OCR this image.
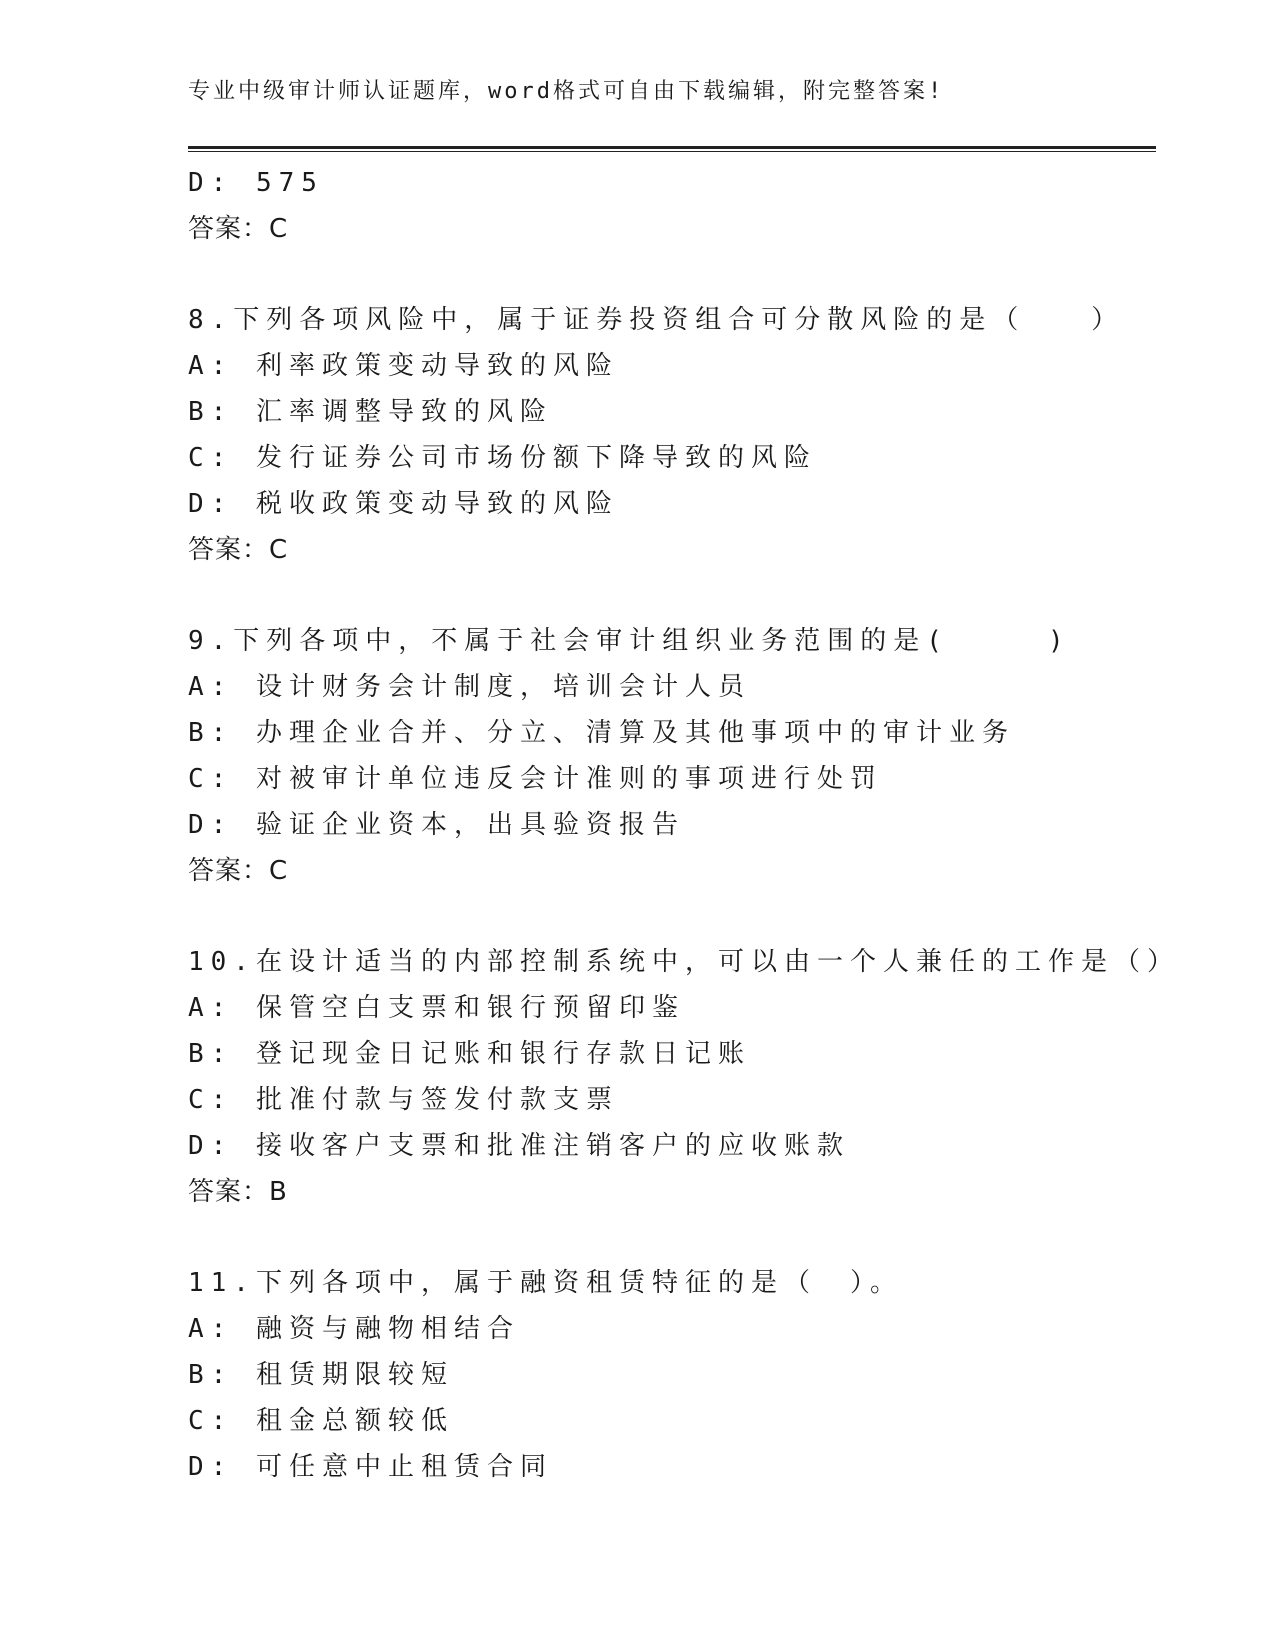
专业中级审计师认证题库，word格式可自由下载编辑，附完整答案!
D: 575
答案：C
8.下列各项风险中，属于证券投资组合可分散风险的是（　　）
A: 利率政策变动导致的风险
B: 汇率调整导致的风险
C: 发行证券公司市场份额下降导致的风险
D: 税收政策变动导致的风险
答案：C
9.下列各项中，不属于社会审计组织业务范围的是(　　　)
A: 设计财务会计制度，培训会计人员
B: 办理企业合并、分立、清算及其他事项中的审计业务
C: 对被审计单位违反会计准则的事项进行处罚
D: 验证企业资本，出具验资报告
答案：C
10.在设计适当的内部控制系统中，可以由一个人兼任的工作是（）
A: 保管空白支票和银行预留印鉴
B: 登记现金日记账和银行存款日记账
C: 批准付款与签发付款支票
D: 接收客户支票和批准注销客户的应收账款
答案：B
11.下列各项中，属于融资租赁特征的是（　）。
A: 融资与融物相结合
B: 租赁期限较短
C: 租金总额较低
D: 可任意中止租赁合同
